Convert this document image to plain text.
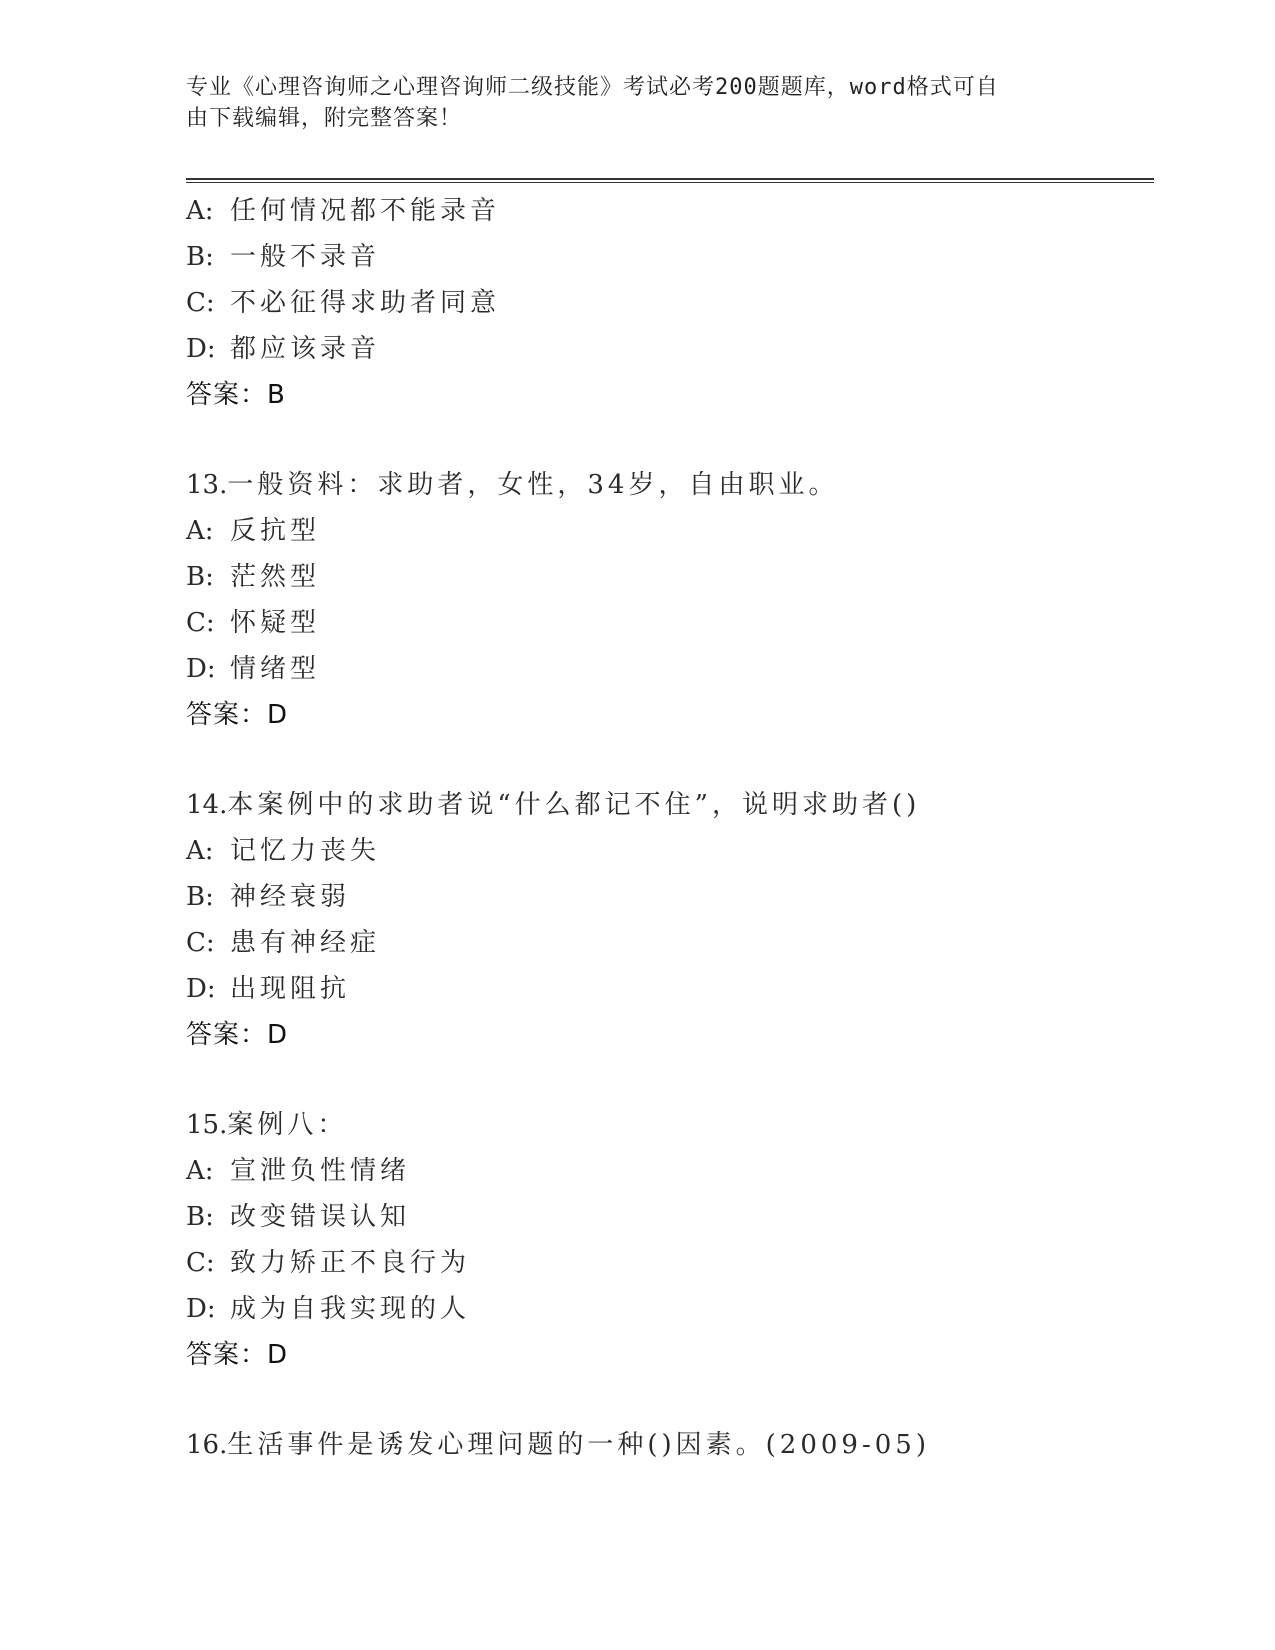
专业《心理咨询师之心理咨询师二级技能》考试必考200题题库，word格式可自
由下载编辑，附完整答案！
A: 任何情况都不能录音
B: 一般不录音
C: 不必征得求助者同意
D: 都应该录音
答案：B
13.一般资料：求助者，女性，34岁，自由职业。
A: 反抗型
B: 茫然型
C: 怀疑型
D: 情绪型
答案：D
14.本案例中的求助者说“什么都记不住”，说明求助者()
A: 记忆力丧失
B: 神经衰弱
C: 患有神经症
D: 出现阻抗
答案：D
15.案例八：
A: 宣泄负性情绪
B: 改变错误认知
C: 致力矫正不良行为
D: 成为自我实现的人
答案：D
16.生活事件是诱发心理问题的一种()因素。(2009-05)
